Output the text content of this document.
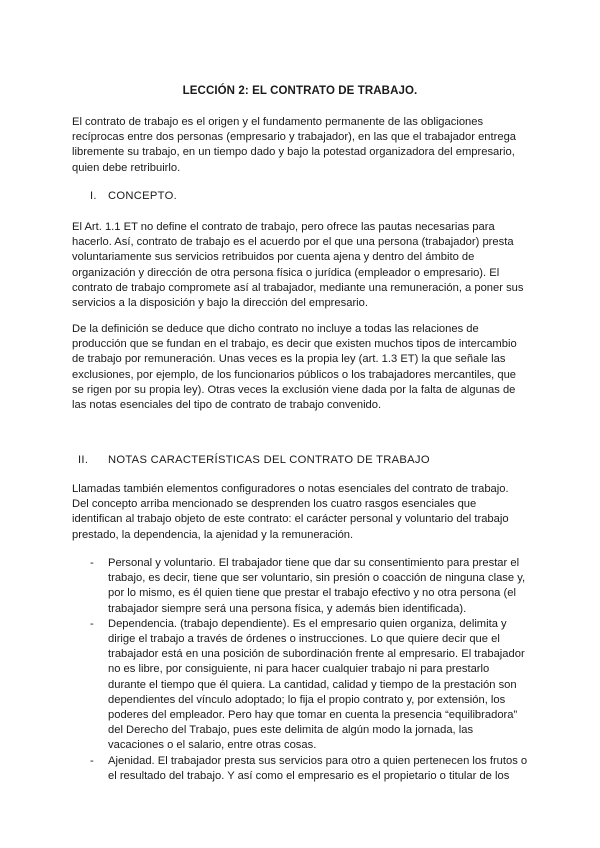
LECCIÓN 2: EL CONTRATO DE TRABAJO.

El contrato de trabajo es el origen y el fundamento permanente de las obligaciones recíprocas entre dos personas (empresario y trabajador), en las que el trabajador entrega libremente su trabajo, en un tiempo dado y bajo la potestad organizadora del empresario, quien debe retribuirlo.

I. CONCEPTO.

El Art. 1.1 ET no define el contrato de trabajo, pero ofrece las pautas necesarias para hacerlo. Así, contrato de trabajo es el acuerdo por el que una persona (trabajador) presta voluntariamente sus servicios retribuidos por cuenta ajena y dentro del ámbito de organización y dirección de otra persona física o jurídica (empleador o empresario). El contrato de trabajo compromete así al trabajador, mediante una remuneración, a poner sus servicios a la disposición y bajo la dirección del empresario.

De la definición se deduce que dicho contrato no incluye a todas las relaciones de producción que se fundan en el trabajo, es decir que existen muchos tipos de intercambio de trabajo por remuneración. Unas veces es la propia ley (art. 1.3 ET) la que señale las exclusiones, por ejemplo, de los funcionarios públicos o los trabajadores mercantiles, que se rigen por su propia ley). Otras veces la exclusión viene dada por la falta de algunas de las notas esenciales del tipo de contrato de trabajo convenido.

II. NOTAS CARACTERÍSTICAS DEL CONTRATO DE TRABAJO

Llamadas también elementos configuradores o notas esenciales del contrato de trabajo. Del concepto arriba mencionado se desprenden los cuatro rasgos esenciales que identifican al trabajo objeto de este contrato: el carácter personal y voluntario del trabajo prestado, la dependencia, la ajenidad y la remuneración.

- Personal y voluntario. El trabajador tiene que dar su consentimiento para prestar el trabajo, es decir, tiene que ser voluntario, sin presión o coacción de ninguna clase y, por lo mismo, es él quien tiene que prestar el trabajo efectivo y no otra persona (el trabajador siempre será una persona física, y además bien identificada).
- Dependencia. (trabajo dependiente). Es el empresario quien organiza, delimita y dirige el trabajo a través de órdenes o instrucciones. Lo que quiere decir que el trabajador está en una posición de subordinación frente al empresario. El trabajador no es libre, por consiguiente, ni para hacer cualquier trabajo ni para prestarlo durante el tiempo que él quiera. La cantidad, calidad y tiempo de la prestación son dependientes del vínculo adoptado; lo fija el propio contrato y, por extensión, los poderes del empleador. Pero hay que tomar en cuenta la presencia “equilibradora” del Derecho del Trabajo, pues este delimita de algún modo la jornada, las vacaciones o el salario, entre otras cosas.
- Ajenidad. El trabajador presta sus servicios para otro a quien pertenecen los frutos o el resultado del trabajo. Y así como el empresario es el propietario o titular de los
